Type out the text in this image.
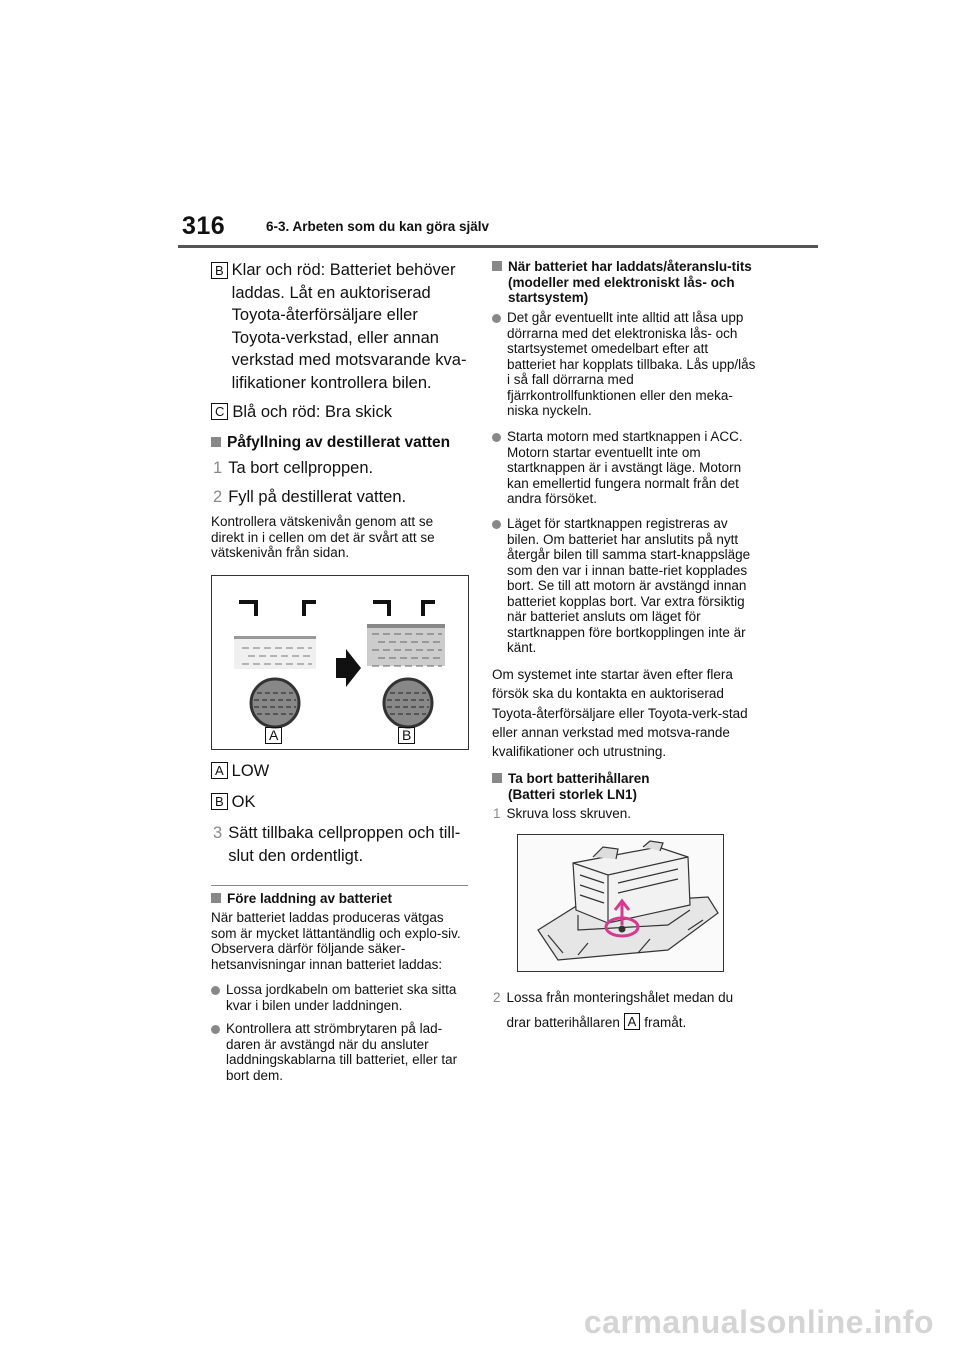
316	6-3. Arbeten som du kan göra själv
B Klar och röd: Batteriet behöver laddas. Låt en auktoriserad Toyota-återförsäljare eller Toyota-verkstad, eller annan verkstad med motsvarande kva-lifikationer kontrollera bilen.
C Blå och röd: Bra skick
Påfyllning av destillerat vatten
1 Ta bort cellproppen.
2 Fyll på destillerat vatten.
Kontrollera vätskenivån genom att se direkt in i cellen om det är svårt att se vätskenivån från sidan.
A	B
A LOW
B OK
3 Sätt tillbaka cellproppen och till-slut den ordentligt.
Före laddning av batteriet
När batteriet laddas produceras vätgas som är mycket lättantändlig och explo-siv. Observera därför följande säker-hetsanvisningar innan batteriet laddas:
Lossa jordkabeln om batteriet ska sitta kvar i bilen under laddningen.
Kontrollera att strömbrytaren på lad-daren är avstängd när du ansluter laddningskablarna till batteriet, eller tar bort dem.
När batteriet har laddats/återanslu-tits (modeller med elektroniskt lås- och startsystem)
Det går eventuellt inte alltid att låsa upp dörrarna med det elektroniska lås- och startsystemet omedelbart efter att batteriet har kopplats tillbaka. Lås upp/lås i så fall dörrarna med fjärrkontrollfunktionen eller den meka-niska nyckeln.
Starta motorn med startknappen i ACC. Motorn startar eventuellt inte om startknappen är i avstängt läge. Motorn kan emellertid fungera normalt från det andra försöket.
Läget för startknappen registreras av bilen. Om batteriet har anslutits på nytt återgår bilen till samma start-knappsläge som den var i innan batte-riet kopplades bort. Se till att motorn är avstängd innan batteriet kopplas bort. Var extra försiktig när batteriet ansluts om läget för startknappen före bortkopplingen inte är känt.
Om systemet inte startar även efter flera försök ska du kontakta en auktoriserad Toyota-återförsäljare eller Toyota-verk-stad eller annan verkstad med motsva-rande kvalifikationer och utrustning.
Ta bort batterihållaren (Batteri storlek LN1)
1 Skruva loss skruven.
2 Lossa från monteringshålet medan du drar batterihållaren A framåt.
carmanualsonline.info
